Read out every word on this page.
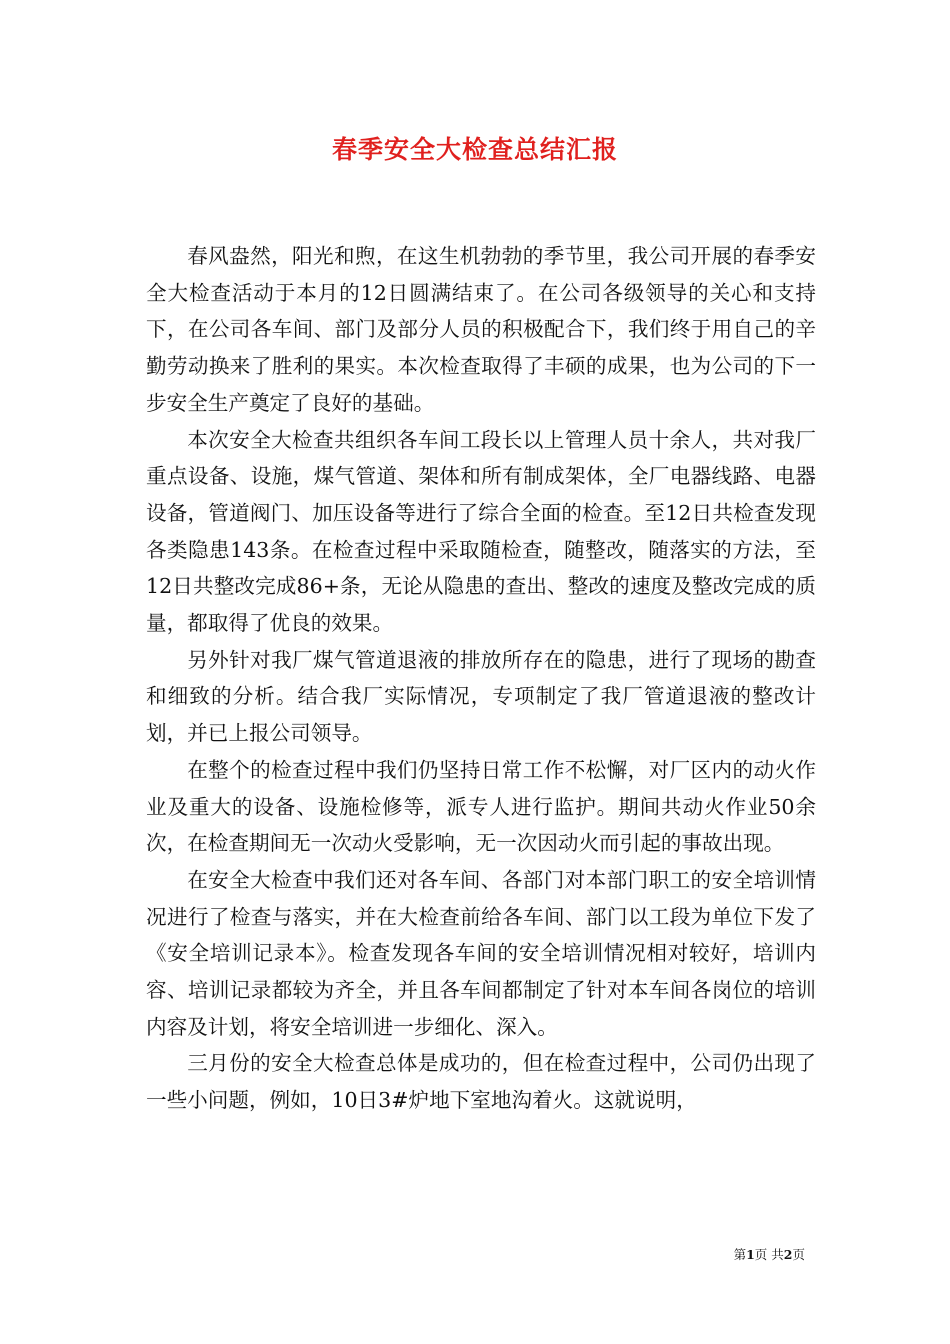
春季安全大检查总结汇报

春风盎然，阳光和煦，在这生机勃勃的季节里，我公司开展的春季安全大检查活动于本月的12日圆满结束了。在公司各级领导的关心和支持下，在公司各车间、部门及部分人员的积极配合下，我们终于用自己的辛勤劳动换来了胜利的果实。本次检查取得了丰硕的成果，也为公司的下一步安全生产奠定了良好的基础。

本次安全大检查共组织各车间工段长以上管理人员十余人，共对我厂重点设备、设施，煤气管道、架体和所有制成架体，全厂电器线路、电器设备，管道阀门、加压设备等进行了综合全面的检查。至12日共检查发现各类隐患143条。在检查过程中采取随检查，随整改，随落实的方法，至12日共整改完成86+条，无论从隐患的查出、整改的速度及整改完成的质量，都取得了优良的效果。

另外针对我厂煤气管道退液的排放所存在的隐患，进行了现场的勘查和细致的分析。结合我厂实际情况，专项制定了我厂管道退液的整改计划，并已上报公司领导。

在整个的检查过程中我们仍坚持日常工作不松懈，对厂区内的动火作业及重大的设备、设施检修等，派专人进行监护。期间共动火作业50余次，在检查期间无一次动火受影响，无一次因动火而引起的事故出现。

在安全大检查中我们还对各车间、各部门对本部门职工的安全培训情况进行了检查与落实，并在大检查前给各车间、部门以工段为单位下发了《安全培训记录本》。检查发现各车间的安全培训情况相对较好，培训内容、培训记录都较为齐全，并且各车间都制定了针对本车间各岗位的培训内容及计划，将安全培训进一步细化、深入。

三月份的安全大检查总体是成功的，但在检查过程中，公司仍出现了一些小问题，例如，10日3#炉地下室地沟着火。这就说明，

第1页 共2页
